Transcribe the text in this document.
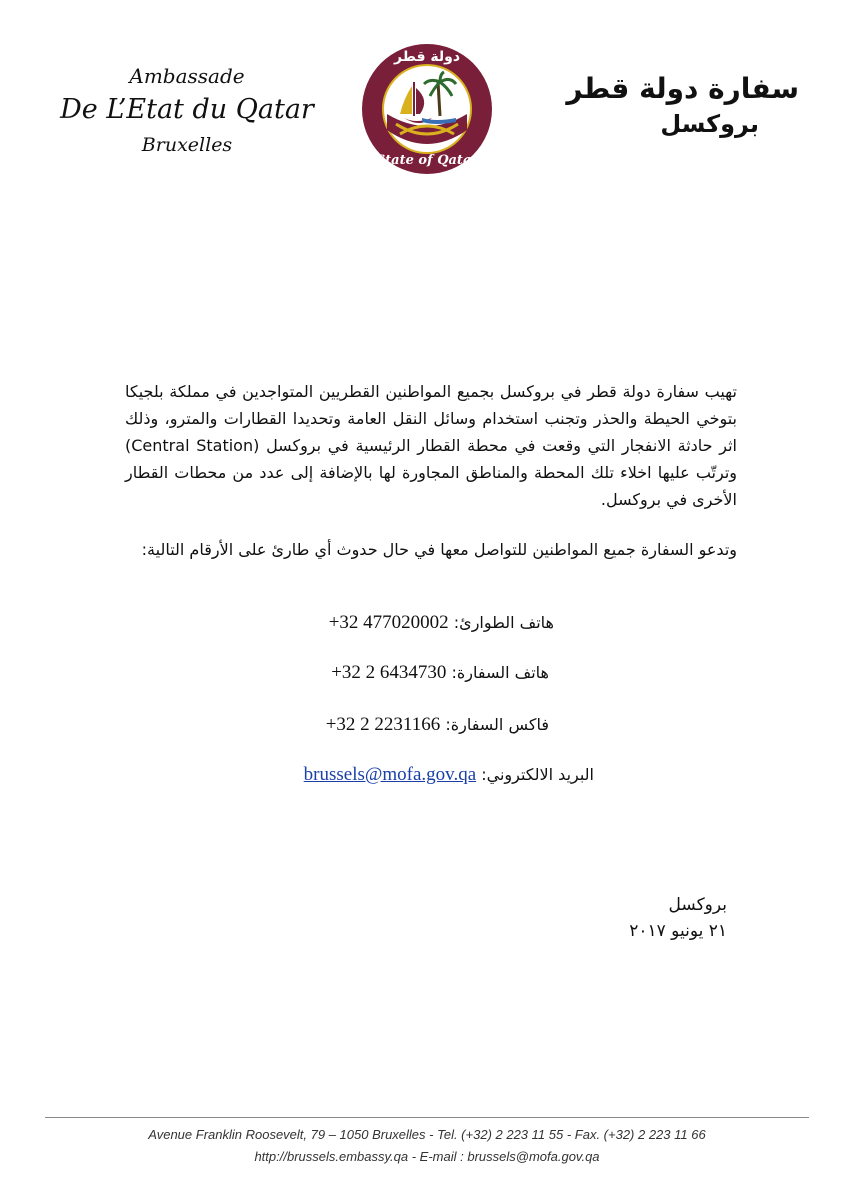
Ambassade
De L’Etat du Qatar
Bruxelles
دولة قطر
State of Qatar
سفارة دولة قطر
بروكسل
تهيب سفارة دولة قطر في بروكسل بجميع المواطنين القطريين المتواجدين في مملكة بلجيكا بتوخي الحيطة والحذر وتجنب استخدام وسائل النقل العامة وتحديدا القطارات والمترو، وذلك اثر حادثة الانفجار التي وقعت في محطة القطار الرئيسية في بروكسل (Central Station) وترتّب عليها اخلاء تلك المحطة والمناطق المجاورة لها بالإضافة إلى عدد من محطات القطار الأخرى في بروكسل.
وتدعو السفارة جميع المواطنين للتواصل معها في حال حدوث أي طارئ على الأرقام التالية:
هاتف الطوارئ: +32 477020002
هاتف السفارة: +32 2 6434730
فاكس السفارة: +32 2 2231166
البريد الالكتروني: brussels@mofa.gov.qa
بروكسل
٢١ يونيو ٢٠١٧
Avenue Franklin Roosevelt, 79 – 1050 Bruxelles - Tel. (+32) 2 223 11 55 - Fax. (+32) 2 223 11 66
http://brussels.embassy.qa - E-mail : brussels@mofa.gov.qa
